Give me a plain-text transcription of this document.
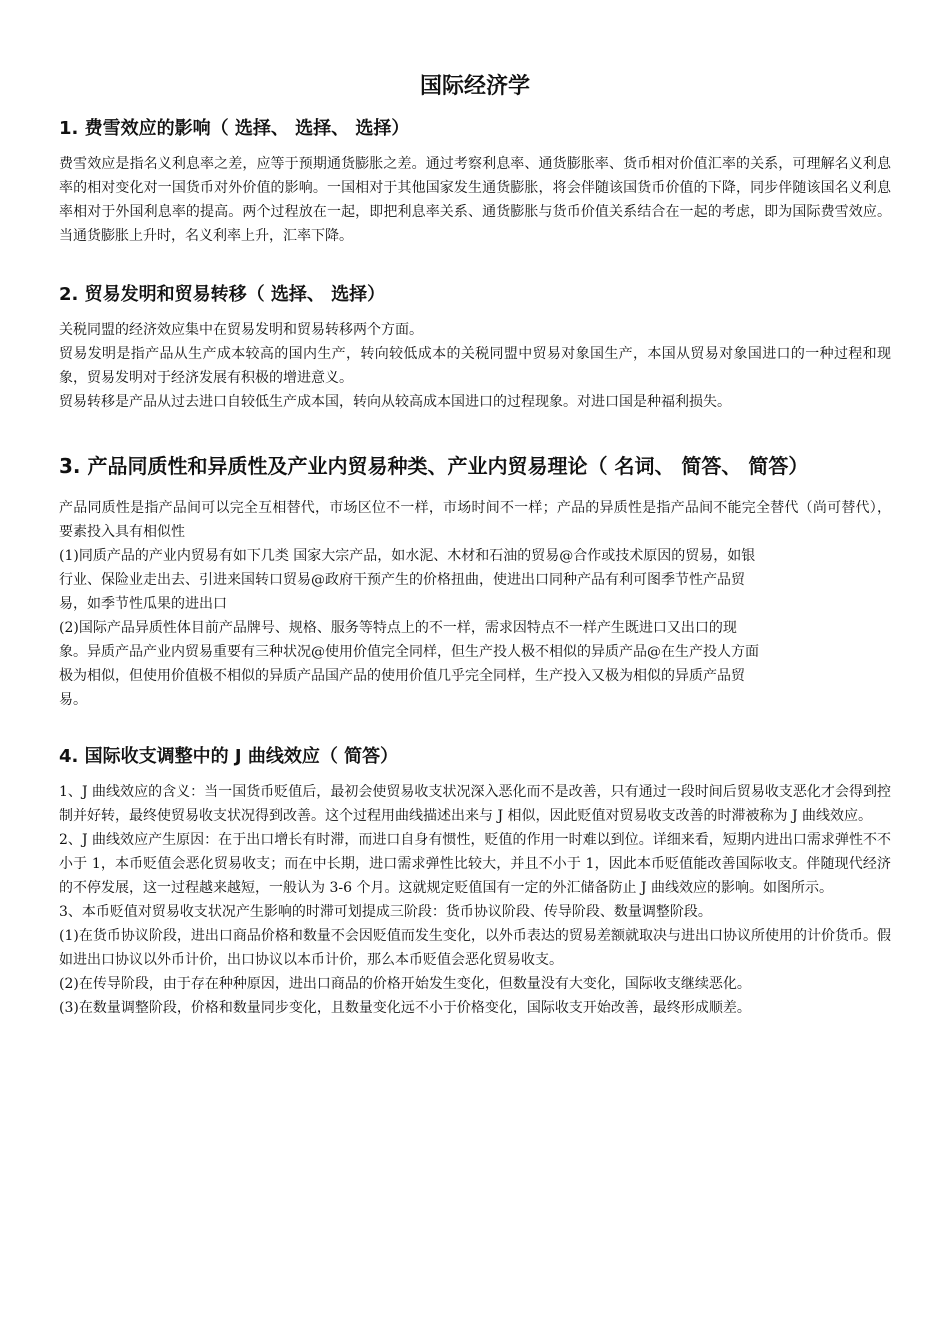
国际经济学
1. 费雪效应的影响（ 选择、 选择、 选择）

费雪效应是指名义利息率之差，应等于预期通货膨胀之差。通过考察利息率、通货膨胀率、货币相对价值汇率的关系，可理解名义利息率的相对变化对一国货币对外价值的影响。一国相对于其他国家发生通货膨胀，将会伴随该国货币价值的下降，同步伴随该国名义利息率相对于外国利息率的提高。两个过程放在一起，即把利息率关系、通货膨胀与货币价值关系结合在一起的考虑，即为国际费雪效应。当通货膨胀上升时，名义利率上升，汇率下降。

2. 贸易发明和贸易转移（ 选择、 选择）

关税同盟的经济效应集中在贸易发明和贸易转移两个方面。

贸易发明是指产品从生产成本较高的国内生产，转向较低成本的关税同盟中贸易对象国生产，本国从贸易对象国进口的一种过程和现象，贸易发明对于经济发展有积极的增进意义。

贸易转移是产品从过去进口自较低生产成本国，转向从较高成本国进口的过程现象。对进口国是种福利损失。

3. 产品同质性和异质性及产业内贸易种类、产业内贸易理论（ 名词、 简答、 简答）

产品同质性是指产品间可以完全互相替代，市场区位不一样，市场时间不一样；产品的异质性是指产品间不能完全替代（尚可替代），要素投入具有相似性

(1)同质产品的产业内贸易有如下几类 国家大宗产品，如水泥、木材和石油的贸易@合作或技术原因的贸易，如银行业、保险业走出去、引进来国转口贸易@政府干预产生的价格扭曲，使进出口同种产品有利可图季节性产品贸易，如季节性瓜果的进出口

(2)国际产品异质性体目前产品牌号、规格、服务等特点上的不一样，需求因特点不一样产生既进口又出口的现象。异质产品产业内贸易重要有三种状况@使用价值完全同样，但生产投人极不相似的异质产品@在生产投人方面极为相似，但使用价值极不相似的异质产品国产品的使用价值几乎完全同样，生产投入又极为相似的异质产品贸易。

4. 国际收支调整中的 J 曲线效应（ 简答）

1、J 曲线效应的含义：当一国货币贬值后，最初会使贸易收支状况深入恶化而不是改善，只有通过一段时间后贸易收支恶化才会得到控制并好转，最终使贸易收支状况得到改善。这个过程用曲线描述出来与 J 相似，因此贬值对贸易收支改善的时滞被称为 J 曲线效应。

2、J 曲线效应产生原因：在于出口增长有时滞，而进口自身有惯性，贬值的作用一时难以到位。详细来看，短期内进出口需求弹性不不小于 1，本币贬值会恶化贸易收支；而在中长期，进口需求弹性比较大，并且不小于 1，因此本币贬值能改善国际收支。伴随现代经济的不停发展，这一过程越来越短，一般认为 3-6 个月。这就规定贬值国有一定的外汇储备防止 J 曲线效应的影响。如图所示。

3、本币贬值对贸易收支状况产生影响的时滞可划提成三阶段：货币协议阶段、传导阶段、数量调整阶段。

(1)在货币协议阶段，进出口商品价格和数量不会因贬值而发生变化，以外币表达的贸易差额就取决与进出口协议所使用的计价货币。假如进出口协议以外币计价，出口协议以本币计价，那么本币贬值会恶化贸易收支。

(2)在传导阶段，由于存在种种原因，进出口商品的价格开始发生变化，但数量没有大变化，国际收支继续恶化。

(3)在数量调整阶段，价格和数量同步变化，且数量变化远不小于价格变化，国际收支开始改善，最终形成顺差。
